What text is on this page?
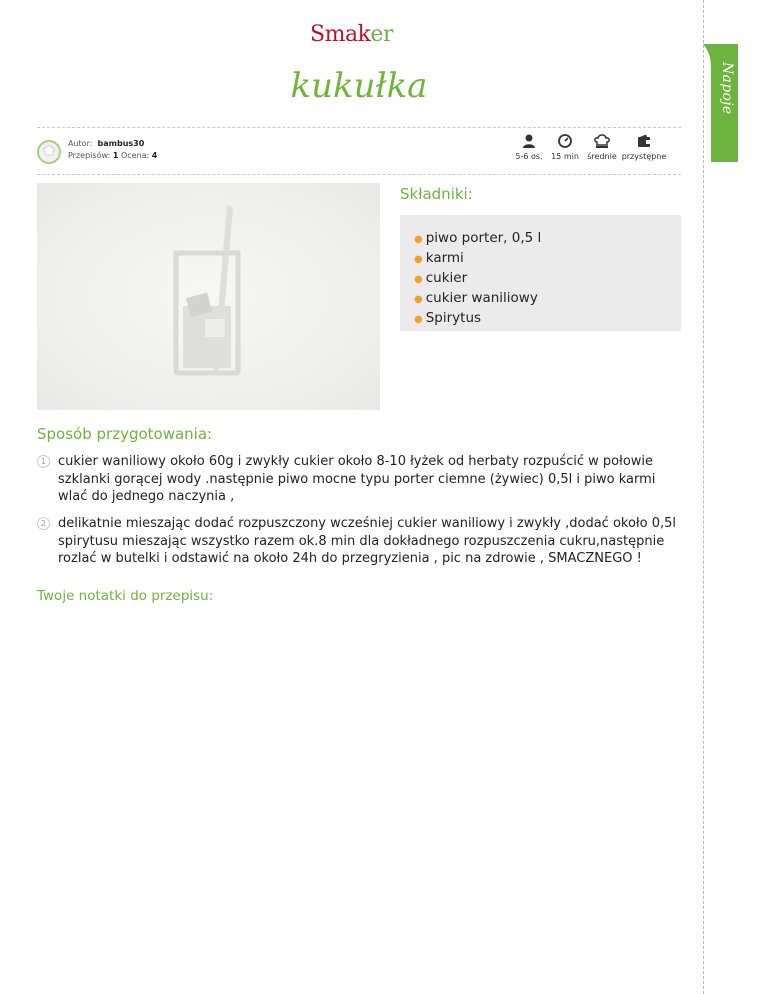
Napoje
Smaker
kukułka
Autor: bambus30
Przepisów: 1 Ocena: 4	5-6 os.	15 min średnie przystępne
Składniki:
● piwo porter, 0,5 l
● karmi
● cukier
● cukier waniliowy
● Spirytus
Sposób przygotowania:
1 cukier waniliowy około 60g i zwykły cukier około 8-10 łyżek od herbaty rozpuścić w połowie szklanki gorącej wody .następnie piwo mocne typu porter ciemne (żywiec) 0,5l i piwo karmi wlać do jednego naczynia ,
2 delikatnie mieszając dodać rozpuszczony wcześniej cukier waniliowy i zwykły ,dodać około 0,5l spirytusu mieszając wszystko razem ok.8 min dla dokładnego rozpuszczenia cukru,następnie rozlać w butelki i odstawić na około 24h do przegryzienia , pic na zdrowie , SMACZNEGO !
Twoje notatki do przepisu:
